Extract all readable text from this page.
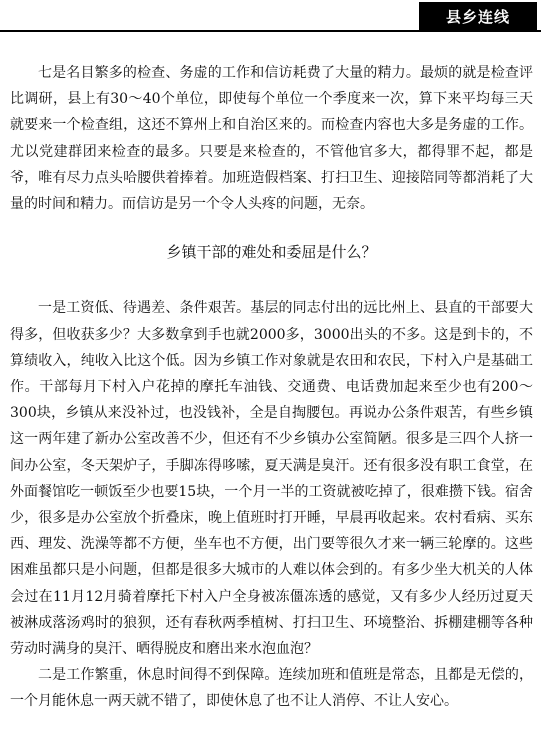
县乡连线

七是名目繁多的检查、务虚的工作和信访耗费了大量的精力。最烦的就是检查评比调研，县上有30～40个单位，即使每个单位一个季度来一次，算下来平均每三天就要来一个检查组，这还不算州上和自治区来的。而检查内容也大多是务虚的工作。尤以党建群团来检查的最多。只要是来检查的，不管他官多大，都得罪不起，都是爷，唯有尽力点头哈腰供着捧着。加班造假档案、打扫卫生、迎接陪同等都消耗了大量的时间和精力。而信访是另一个令人头疼的问题，无奈。

乡镇干部的难处和委屈是什么？

一是工资低、待遇差、条件艰苦。基层的同志付出的远比州上、县直的干部要大得多，但收获多少？大多数拿到手也就2000多，3000出头的不多。这是到卡的，不算绩收入，纯收入比这个低。因为乡镇工作对象就是农田和农民，下村入户是基础工作。干部每月下村入户花掉的摩托车油钱、交通费、电话费加起来至少也有200～300块，乡镇从来没补过，也没钱补，全是自掏腰包。再说办公条件艰苦，有些乡镇这一两年建了新办公室改善不少，但还有不少乡镇办公室简陋。很多是三四个人挤一间办公室，冬天架炉子，手脚冻得哆嗦，夏天满是臭汗。还有很多没有职工食堂，在外面餐馆吃一顿饭至少也要15块，一个月一半的工资就被吃掉了，很难攒下钱。宿舍少，很多是办公室放个折叠床，晚上值班时打开睡，早晨再收起来。农村看病、买东西、理发、洗澡等都不方便，坐车也不方便，出门要等很久才来一辆三轮摩的。这些困难虽都只是小问题，但都是很多大城市的人难以体会到的。有多少坐大机关的人体会过在11月12月骑着摩托下村入户全身被冻僵冻透的感觉，又有多少人经历过夏天被淋成落汤鸡时的狼狈，还有春秋两季植树、打扫卫生、环境整治、拆棚建棚等各种劳动时满身的臭汗、晒得脱皮和磨出来水泡血泡？

二是工作繁重，休息时间得不到保障。连续加班和值班是常态，且都是无偿的，一个月能休息一两天就不错了，即使休息了也不让人消停、不让人安心。
